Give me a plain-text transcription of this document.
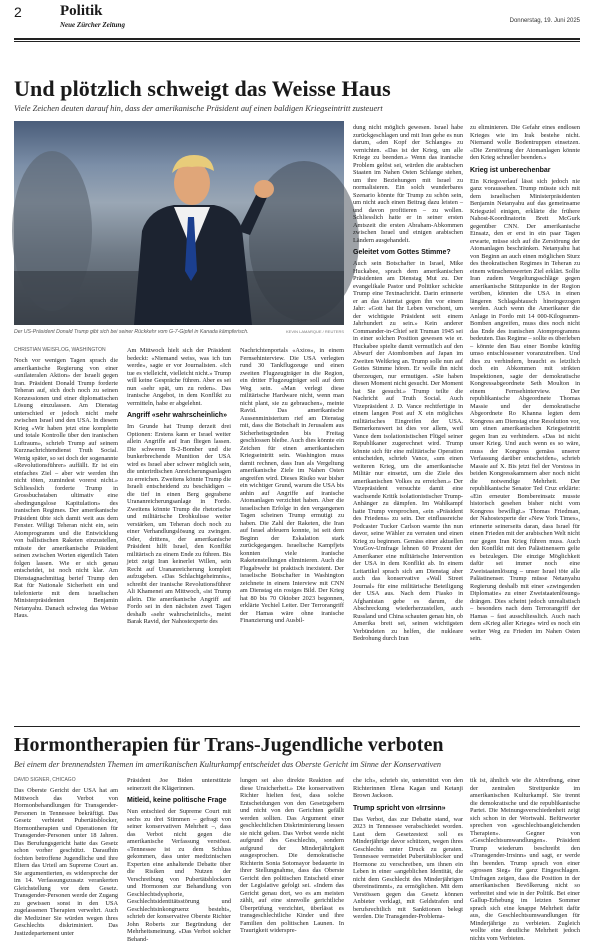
2	Politik
Neue Zürcher Zeitung	Donnerstag, 19. Juni 2025
Und plötzlich schweigt das Weisse Haus
Viele Zeichen deuten darauf hin, dass der amerikanische Präsident auf einen baldigen Kriegseintritt zusteuert
Der US-Präsident Donald Trump gibt sich bei seiner Rückkehr vom G-7-Gipfel in Kanada kämpferisch.	KEVIN LAMARQUE / REUTERS
CHRISTIAN WEISFLOG, WASHINGTON

Noch vor wenigen Tagen sprach die amerikanische Regierung von einer «unilateralen Aktion» der Israeli gegen Iran. Präsident Donald Trump forderte Teheran auf, sich doch noch zu seinen Konzessionen und einer diplomatischen Lösung einzulassen. Am Dienstag unterschied er jedoch nicht mehr zwischen Israel und den USA. In diesem Krieg «Wir haben jetzt eine komplette und totale Kontrolle über den iranischen Luftraum», schrieb Trump auf seinem Kurznachrichtendienst Truth Social. Wenig später, so sei doch der sogenannte «Revolutionsführer» auffällt. Er ist ein einfaches Ziel – aber wir werden ihn nicht töten, zumindest vorerst nicht.» Schliesslich forderte Trump in Grossbuchstaben ultimativ eine «bedingungslose Kapitulation» des iranischen Regimes. Der amerikanische Präsident übte sich damit weit aus dem Fenster. Willigt Teheran nicht ein, sein Atomprogramm und die Entwicklung von ballistischen Raketen einzustellen, müsste der amerikanische Präsident seinen zwischen Worten eigentlich Taten folgen lassen. Wie er sich genau entscheidet, ist noch nicht klar. Am Dienstagnachmittag berief Trump den Rat für Nationale Sicherheit ein und telefonierte mit dem israelischen Ministerpräsidenten Benjamin Netanyahu. Danach schwieg das Weisse Haus.

Am Mittwoch hielt sich der Präsident bedeckt: «Niemand weiss, was ich tun werde», sagte er vor Journalisten. «Ich tue es vielleicht, vielleicht nicht.» Trump will keine Gespräche führen. Aber es sei nun «sehr spät, um zu reden». Das iranische Angebot, in dem Konflikt zu vermitteln, habe er abgelehnt.

Angriff «sehr wahrscheinlich»

Im Grunde hat Trump derzeit drei Optionen: Erstens kann er Israel weiter allein Angriffe auf Iran fliegen lassen. Die schweren B-2-Bomber und die bunkerbrechende Munition der USA wird es Israel aber schwer möglich sein, die unterirdischen Anreicherungsanlagen zu erreichen. Zweitens könnte Trump die Israeli entscheidend zu beschädigen – die tief in einen Berg gegrabene Urananreicherungsanlage in Fordo. Zweitens könnte Trump die rhetorische und militärische Drohkulisse weiter verstärken, um Teheran doch noch zu einer Verhandlungslösung zu zwingen. Oder, drittens, der amerikanische Präsident hilft Israel, den Konflikt militärisch zu einem Ende zu führen. Bis jetzt zeigt Iran keinerlei Willen, sein Recht auf Urananreicherung komplett aufzugeben. «Das Schlachtgeheimnis», schreibt der iranische Revolutionsführer Ali Khamenei am Mittwoch, «ist Trump allein. Die amerikanische Angriff auf Fordo sei in den nächsten zwei Tagen deshalb «sehr wahrscheinlich», meint Barak Ravid, der Nahostexperte des

Nachrichtenportals «Axios», in einem Fernsehinterview. Die USA verlegten rund 30 Tankflugzeuge und einen zweiten Flugzeugträger in die Region, ein dritter Flugzeugträger soll auf dem Weg sein. «Man verlegt diese militärische Hardware nicht, wenn man nicht plant, sie zu gebrauchen», meinte Ravid. Das amerikanische Aussenministerium rief am Dienstag mit, dass die Botschaft in Jerusalem aus Sicherheitsgründen bis Freitag geschlossen bleibe. Auch dies könnte ein Zeichen für einen amerikanischen Kriegseintritt sein. Washington muss damit rechnen, dass Iran als Vergeltung amerikanische Ziele im Nahen Osten angreifen wird. Dieses Risiko war bisher ein wichtiger Grund, warum die USA bis anhin auf Angriffe auf iranische Atomanlagen verzichtet haben. Aber die israelischen Erfolge in den vergangenen Tagen scheinen Trump ermutigt zu haben. Die Zahl der Raketen, die Iran auf Israel abfeuern konnte, ist seit dem Beginn der Eskalation stark zurückgegangen. Israelische Kampfjets konnten viele iranische Raketenstellungen eliminieren. Auch die Flugabwehr ist praktisch inexistent. Der israelische Botschafter in Washington zeichnete in einem Interview mit CNN am Dienstag ein rosiges Bild. Der Krieg hat 80 bis 70 Oktober 2023 begonnen, erklärte Yechiel Leiter. Der Terrorangriff der Hamas wäre ohne iranische Finanzierung und Ausbil-

dung nicht möglich gewesen. Israel habe zurückgeschlagen und mit Iran gehe es nun darum, «den Kopf der Schlange» zu vernichten. «Das ist der Krieg, um alle Kriege zu beenden.» Wenn das iranische Problem gelöst sei, würden die arabischen Staaten im Nahen Osten Schlange stehen, um ihre Beziehungen mit Israel zu normalisieren. Ein solch wunderbares Szenario könnte für Trump zu schön sein, um nicht auch einen Beitrag dazu leisten – und davon profitieren – zu wollen. Schliesslich hatte er in seiner ersten Amtszeit die ersten Abraham-Abkommen zwischen Israel und einigen arabischen Ländern ausgehandelt.

Geleitet vom Gottes Stimme?

Auch sein Botschafter in Israel, Mike Huckabee, sprach dem amerikanischen Präsidenten am Dienstag Mut zu. Der evangelikale Pastor und Politiker schickte Trump eine Textnachricht. Darin erinnerte er an das Attentat gegen ihn vor einem Jahr: «Gott hat Ihr Leben verschont, um der wichtigste Präsident seit einem Jahrhundert zu sein.» Kein anderer Commander-in-Chief seit Truman 1945 sei in einer solchen Position gewesen wie er. Huckabee spielte damit vermutlich auf den Abwurf der Atombomben auf Japan im Zweiten Weltkrieg an. Trump solle nun auf Gottes Stimme hören. Er wolle ihn nicht überzeugen, nur ermutigen. «Sie haben diesen Moment nicht gesucht. Der Moment hat Sie gesucht.» Trump teilte die Nachricht auf Truth Social. Auch Vizepräsident J. D. Vance rechtfertigte in einem langen Post auf X ein mögliches militärisches Eingreifen der USA. Bemerkenswert ist dies vor allem, weil Vance dem isolationistischen Flügel seiner Republikaner zugerechnet wird. Trump könnte sich für eine militärische Operation entscheiden, schrieb Vance, «um einen weiteren Krieg, um die amerikanische Militär nur einsetzt, um die Ziele des amerikanischen Volkes zu erreichen.» Der Vizepräsident versuchte damit eine wachsende Kritik isolationistischer Trump-Anhänger zu dämpfen. Im Wahlkampf hatte Trump versprochen, «ein «Präsident des Friedens» zu sein. Der einflussreiche Podcaster Tucker Carlson warnte ihn nun davor, seine Wähler zu verraten und einen Krieg zu beginnen. Gemäss einer aktuellen YouGov-Umfrage lehnen 60 Prozent der Amerikaner eine militärische Intervention der USA in dem Konflikt ab. In einem Leitartikel sprach sich am Dienstag aber auch das konservative «Wall Street Journal» für eine militärische Beteiligung der USA aus. Nach dem Fiasko in Afghanistan gebe es darum, die Abschreckung wiederherzustellen, auch Russland und China schauten genau hin, ob Amerika breit sei, seinen wichtigsten Verbündeten zu helfen, die nukleare Bedrohung durch Iran

zu eliminieren. Die Gefahr eines endlosen Krieges wie im Irak bestehe nicht. Niemand wolle Bodentruppen einsetzen. «Die Zerstörung der Atomanlagen könnte den Krieg schneller beenden.»

Krieg ist unberechenbar

Ein Kriegsverlauf lässt sich jedoch nie ganz voraussehen. Trump müsste sich mit dem israelischen Ministerpräsidenten Benjamin Netanyahu auf das gemeinsame Kriegsziel einigen, erklärte die frühere Nahost-Koordinatorin Brett McGurk gegenüber CNN. Der amerikanische Einsatz, den er erst in ein paar Tagen erwarte, müsse sich auf die Zerstörung der Atomanlagen beschränken. Netanyahu hat von Beginn an auch einen möglichen Sturz des theokratischen Regimes in Teheran zu einem wünschenswerten Ziel erklärt. Sollte Iran zudem Vergeltungsschläge gegen amerikanische Stützpunkte in der Region verüben, könnten die USA in einen längeren Schlagabtausch hineingezogen werden. Auch wenn die Amerikaner die Anlage in Fordo mit 14 000-Kilogramm-Bomben angreifen, muss dies noch nicht das Ende des iranischen Atomprogramms bedeuten. Das Regime – sollte es überleben – könnte den Bau einer Bombe künftig umso entschlossener voranzutreiben. Und dies zu verhindern, braucht es letztlich doch ein Abkommen mit strikten Inspektionen, sagte der demokratische Kongressabgeordnete Seth Moulton in einem Fernsehinterview. Der republikanische Abgeordnete Thomas Massie und der demokratische Abgeordnete Ro Khanna legten dem Kongress am Dienstag eine Resolution vor, um einen amerikanischen Kriegseintritt gegen Iran zu verhindern. «Das ist nicht unser Krieg. Und auch wenn es so wäre, muss der Kongress gemäss unserer Verfassung darüber entscheiden», schrieb Massie auf X. Bis jetzt fiel der Vorstoss in beiden Kongresskammern aber noch nicht die notwendige Mehrheit. Der republikanische Senator Ted Cruz erklärte: «Ein erneuter Bombereinsatz musste historisch gesehen bisher nicht vom Kongress bewilligt.» Thomas Friedman, der Nahostexperte der «New York Times», erinnerte seinerseits daran, dass Israel für einen Frieden mit der arabischen Welt nicht nur gegen Iran Krieg führen muss. Auch den Konflikt mit den Palästinensern gelte es beizulegen. Die einzige Möglichkeit dafür sei immer noch eine Zweistaatenlösung – unser Israel töte alle Palästinenser. Trump müsse Netanyahu Regierung deshalb mit einer «zwingenden Diplomatie» zu einer Zweistaatenlösung» drängen. Dies scheint jedoch unrealistisch – besonders nach dem Terrorangriff der Hamas – fast ausschliesslich. Auch nach dem «Krieg aller Kriege» wird es noch ein weiter Weg zu Frieden im Nahen Osten sein.

Hormontherapien für Trans-Jugendliche verboten
Bei einem der brennendsten Themen im amerikanischen Kulturkampf entscheidet das Oberste Gericht im Sinne der Konservativen
DAVID SIGNER, CHICAGO

Das Oberste Gericht der USA hat am Mittwoch das Verbot von Hormonbehandlungen für Transgender-Personen in Tennessee bekräftigt. Das Gesetz verbietet Pubertätsblocker, Hormontherapien und Operationen für Transgender-Personen unter 18 Jahren. Das Berufungsgericht hatte das Gesetz schon vorher geschützt. Daraufhin fochten betroffene Jugendliche und ihre Eltern das Urteil am Supreme Court an. Sie argumentierten, es widerspreche der im 14. Verfassungszusatz verankerten Gleichstellung vor dem Gesetz. Transgender-Personen werde der Zugang zu gewissen sonst in den USA zugelassenen Therapien verwehrt. Auch die Mediziner Sie würden wegen ihres Geschlechts diskriminiert. Das Justizdepartement unter

Präsident Joe Biden unterstützte seinerzeit die Klägerinnen.

Mitleid, keine politische Frage

Nun entschied der Supreme Court mit sechs zu drei Stimmen – gefragt von seiner konservativen Mehrheit –, dass das Verbot nicht gegen die amerikanische Verfassung verstösst. «Tennessee ist zu dem Schluss gekommen, dass unter medizinischen Experten eine anhaltende Debatte über die Risiken und Nutzen der Verschreibung von Pubertätsblockern und Hormonen zur Behandlung von Geschlechtsdysphorie, Geschlechtsidentitätsstörung und Geschlechtsinkongruenz besteht», schrieb der konservative Oberste Richter John Roberts zur Begründung der Mehrheitsmeinung. «Das Verbot solcher Behand-

lungen sei also direkte Reaktion auf diese Unsicherheit.» Die konservativen Richter hielten fest, dass solche Entscheidungen von den Gesetzgebern und nicht von den Gerichten gefällt werden sollten. Das Argument einer geschlechtlichen Diskriminierung liessen sie nicht gelten. Das Verbot werde nicht aufgrund des Geschlechts, sondern aufgrund der Minderjährigkeit ausgesprochen. Die demokratische Richterin Sonia Sotomayor bedauerte in ihrer Stellungnahme, dass das Oberste Gericht den politischen Entscheid einer der Legislative gefolgt sei. «Indem das Gericht genau dort, wo es am meisten zählt, auf eine sinnvolle gerichtliche Überprüfung verzichtet, überlässt es transgeschlechtliche Kinder und ihre Familien den politischen Launen. In Traurigkeit widerspre-

che ich», schrieb sie, unterstützt von den Richterinnen Elena Kagan und Ketanji Brown Jackson.

Trump spricht von «Irrsinn»

Das Verbot, das zur Debatte stand, war 2023 in Tennessee verabschiedet worden. Laut dem Gesetzestext soll es Minderjährige davor schützen, wegen ihres Geschlechts unter Druck zu geraten. Tennessee vermeidet Pubertätsblocker und Hormone zu verschreiben, um ihnen ein Leben in einer «angeblichen Identität, die nicht dem Geschlecht des Minderjährigen übereinstimmt», zu ermöglichen. Mit dem Verstössen gegen das Gesetz können Anbieter verklagt, mit Geldstrafen und berufsrechtlich mit Sanktionen belegt werden. Die Transgender-Problema-

tik ist, ähnlich wie die Abtreibung, einer der zentralen Streitpunkte im amerikanischen Kulturkampf. Sie trennt die demokratische und die republikanische Partei. Die Meinungsverschiedenheit zeigt sich schon in der Wortwahl. Befürworter sprechen von «geschlechtsangleichenden Therapien». Gegner von «Geschlechtsumwandlungen». Präsident Trump wiederum beschreibt den «Transgender-Irrsinn» und sagt, er werde ihn beenden. Trump sprach von einer «grossen Sieg» für ganz Eingeschlagen. Umfragen zeigen, dass die Position in der amerikanischen Bevölkerung nicht so verbreitet sind wie in der Politik. Bei einer Gallup-Erhebung im letzten Sommer sprach sich eine knappe Mehrheit dafür aus, die Geschlechtsumwandlungen für Minderjährige zu verbieten. Zugleich wollte eine deutliche Mehrheit jedoch nichts vom Verbieten.
